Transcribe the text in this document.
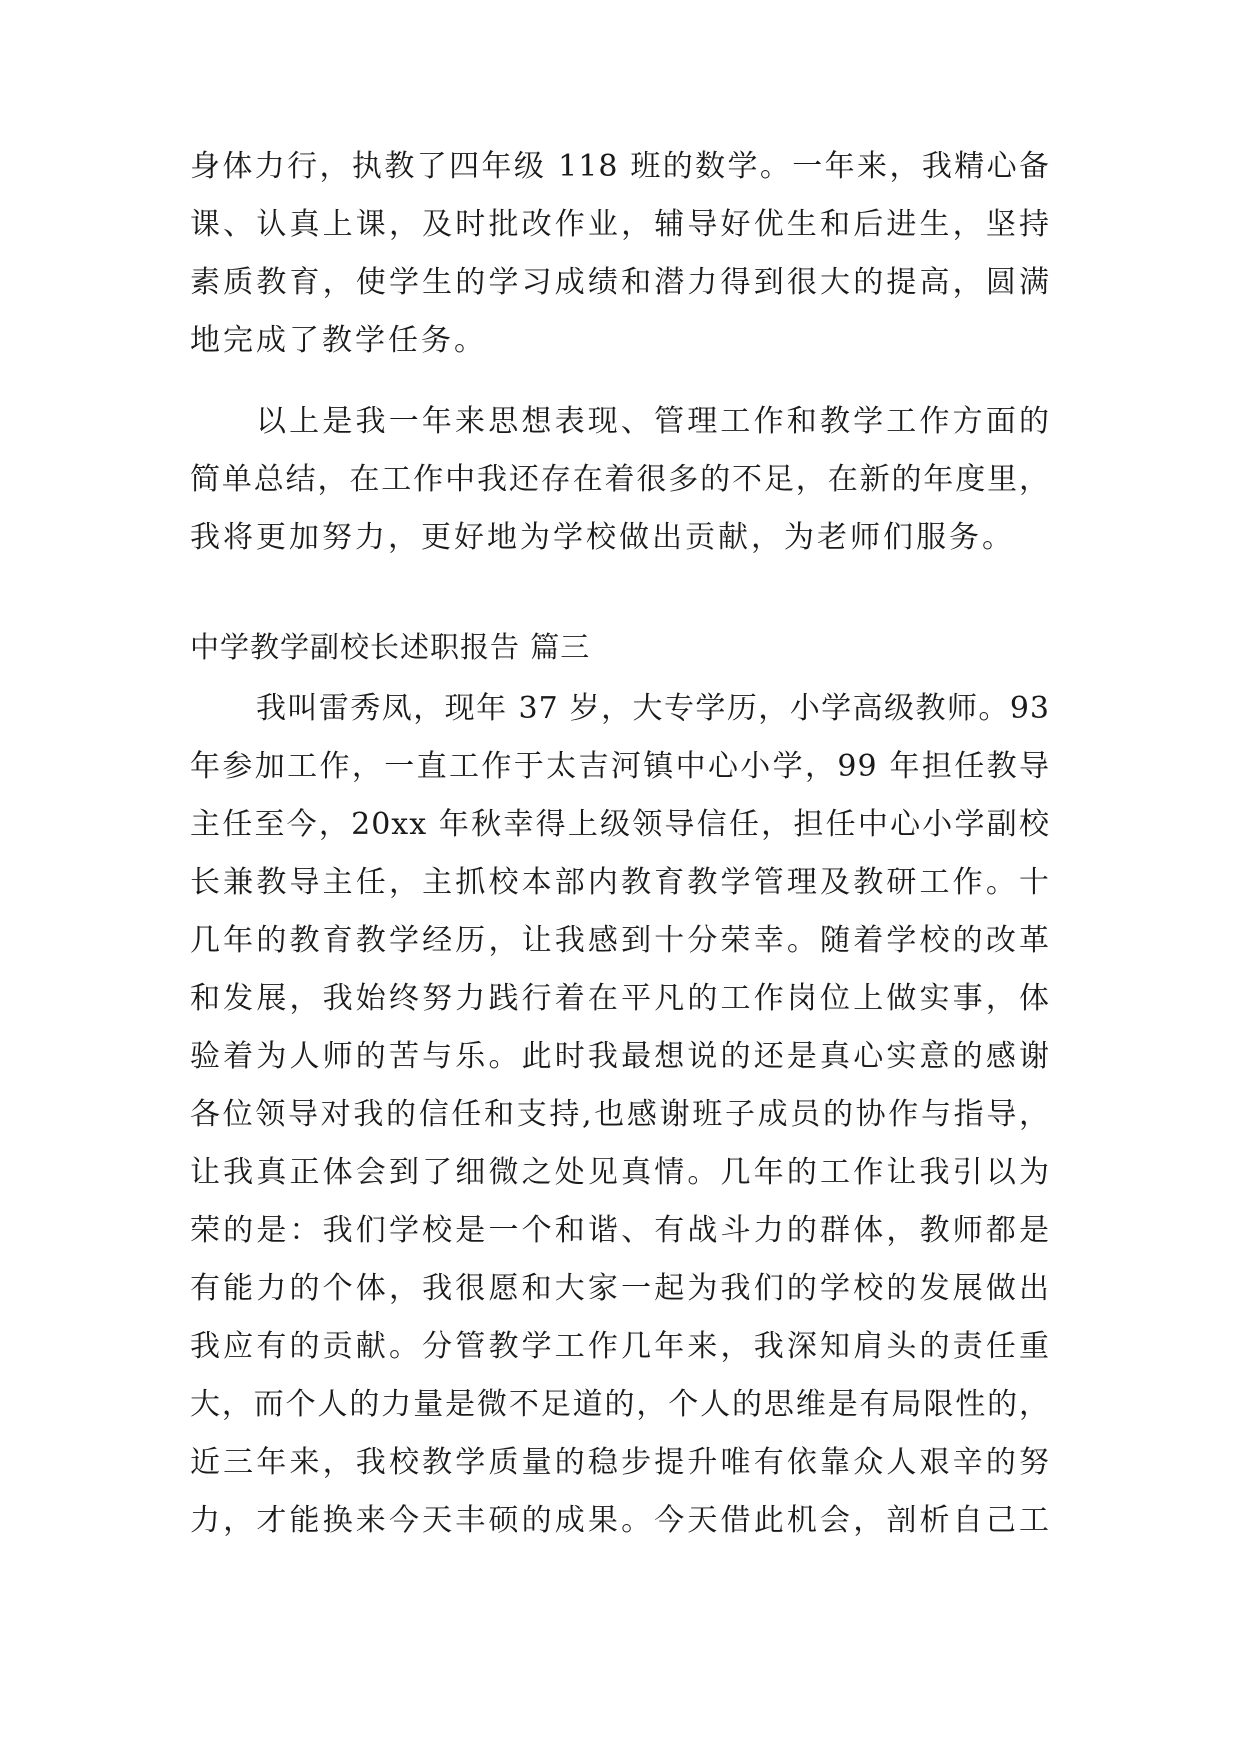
身体力行，执教了四年级 118 班的数学。一年来，我精心备
课、认真上课，及时批改作业，辅导好优生和后进生，坚持
素质教育，使学生的学习成绩和潜力得到很大的提高，圆满
地完成了教学任务。
以上是我一年来思想表现、管理工作和教学工作方面的
简单总结，在工作中我还存在着很多的不足，在新的年度里，
我将更加努力，更好地为学校做出贡献，为老师们服务。
中学教学副校长述职报告 篇三
我叫雷秀凤，现年 37 岁，大专学历，小学高级教师。93
年参加工作，一直工作于太吉河镇中心小学，99 年担任教导
主任至今，20xx 年秋幸得上级领导信任，担任中心小学副校
长兼教导主任，主抓校本部内教育教学管理及教研工作。十
几年的教育教学经历，让我感到十分荣幸。随着学校的改革
和发展，我始终努力践行着在平凡的工作岗位上做实事，体
验着为人师的苦与乐。此时我最想说的还是真心实意的感谢
各位领导对我的信任和支持,也感谢班子成员的协作与指导，
让我真正体会到了细微之处见真情。几年的工作让我引以为
荣的是：我们学校是一个和谐、有战斗力的群体，教师都是
有能力的个体，我很愿和大家一起为我们的学校的发展做出
我应有的贡献。分管教学工作几年来，我深知肩头的责任重
大，而个人的力量是微不足道的，个人的思维是有局限性的，
近三年来，我校教学质量的稳步提升唯有依靠众人艰辛的努
力，才能换来今天丰硕的成果。今天借此机会，剖析自己工
